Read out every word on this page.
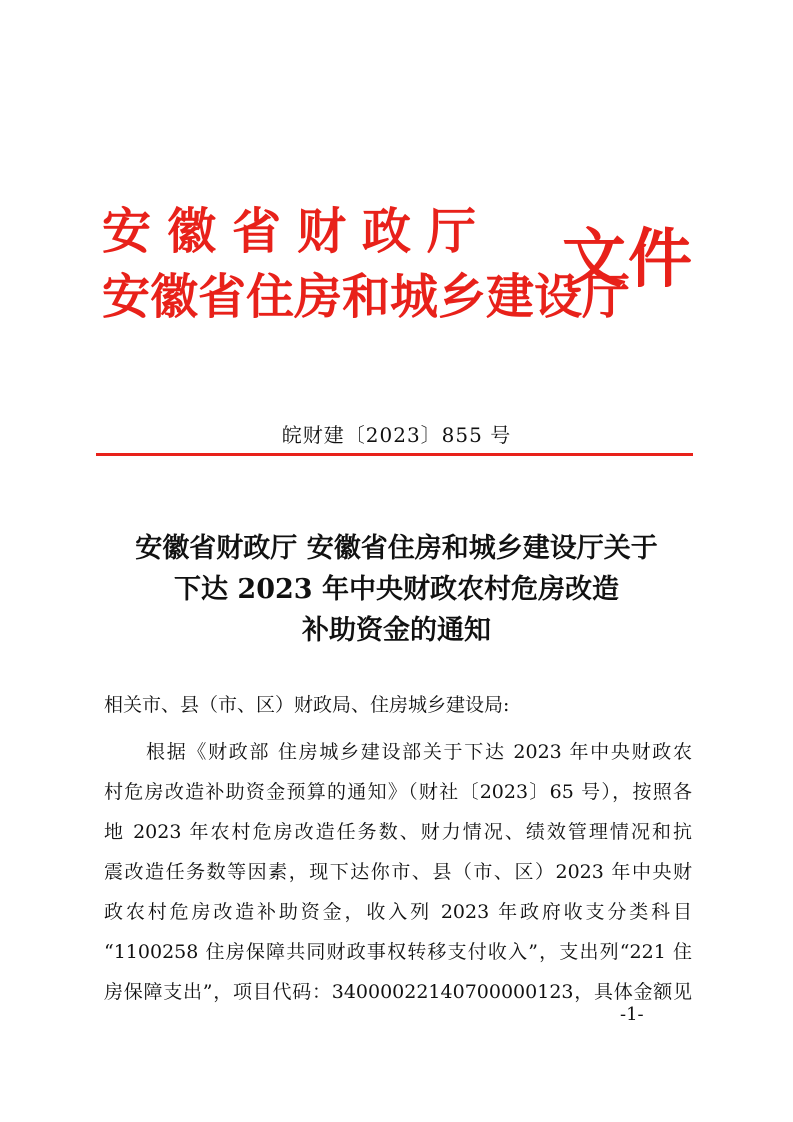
安徽省财政厅
安徽省住房和城乡建设厅
文件
皖财建〔2023〕855 号
安徽省财政厅 安徽省住房和城乡建设厅关于
下达 2023 年中央财政农村危房改造
补助资金的通知
相关市、县（市、区）财政局、住房城乡建设局:
根据《财政部 住房城乡建设部关于下达 2023 年中央财政农
村危房改造补助资金预算的通知》（财社〔2023〕65 号），按照各
地 2023 年农村危房改造任务数、财力情况、绩效管理情况和抗
震改造任务数等因素，现下达你市、县（市、区）2023 年中央财
政农村危房改造补助资金，收入列 2023 年政府收支分类科目
“1100258 住房保障共同财政事权转移支付收入”，支出列“221 住
房保障支出”，项目代码：34000022140700000123，具体金额见
-1-
